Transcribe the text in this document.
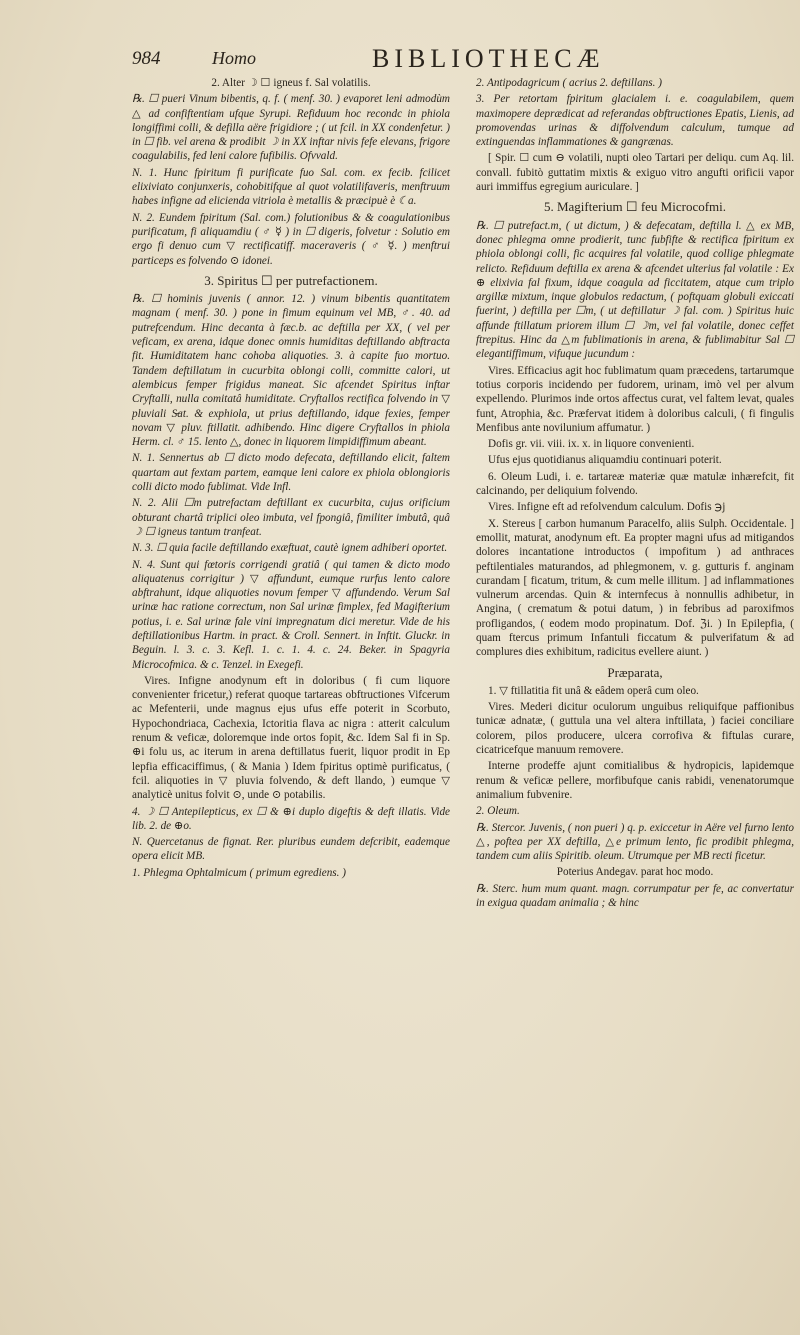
984	Homo	BIBLIOTHECÆ

2. Alter ☽ ☐ igneus f. Sal volatilis.

℞. ☐ pueri Vinum bibentis, q. f. ( menf. 30. ) evaporet leni admodùm △ ad confiftentiam ufque Syrupi. Refiduum hoc recondc in phiola longiffimi colli, & defilla aëre frigidiore ; ( ut fcil. in XX condenfetur. ) in ☐ fib. vel arena & prodibit ☽ in XX inftar nivis fefe elevans, frigore coagulabilis, fed leni calore fufibilis. Ofvvald.

N. 1. Hunc fpiritum fi purificate fuo Sal. com. ex fecib. fcilicet elixiviato conjunxeris, cohobitifque al quot volatilifaveris, menftruum habes infigne ad elicienda vitriola è metallis & præcipuè è ☾a.

N. 2. Eundem fpiritum (Sal. com.) folutionibus & & coagulationibus purificatum, fi aliquamdiu ( ♂ ☿ ) in ☐ digeris, folvetur : Solutio em ergo fi denuo cum ▽ rectificatiff. maceraveris ( ♂ ☿. ) menftrui particeps es folvendo ⊙ idonei.

3. Spiritus ☐ per putrefactionem.

℞. ☐ hominis juvenis ( annor. 12. ) vinum bibentis quantitatem magnam ( menf. 30. ) pone in fimum equinum vel MB, ♂. 40. ad putrefcendum. Hinc decanta à fæc.b. ac deftilla per XX, ( vel per veficam, ex arena, idque donec omnis humiditas deftillando abftracta fit. Humiditatem hanc cohoba aliquoties. 3. à capite fuo mortuo. Tandem deftillatum in cucurbita oblongi colli, committe calori, ut alembicus femper frigidus maneat. Sic afcendet Spiritus inftar Cryftalli, nulla comitatâ humiditate. Cryftallos rectifica folvendo in ▽ pluviali S̶at. & exphiola, ut prius deftillando, idque fexies, femper novam ▽ pluv. ftillatit. adhibendo. Hinc digere Cryftallos in phiola Herm. cl. ♂ 15. lento △, donec in liquorem limpidiffimum abeant.

N. 1. Sennertus ab ☐ dicto modo defecata, deftillando elicit, faltem quartam aut fextam partem, eamque leni calore ex phiola oblongioris colli dicto modo fublimat. Vide Infl.

N. 2. Alii ☐m putrefactam deftillant ex cucurbita, cujus orificium obturant chartâ triplici oleo imbuta, vel fpongiâ, fimiliter imbutâ, quâ ☽ ☐ igneus tantum tranfeat.

N. 3. ☐ quia facile deftillando exæftuat, cautè ignem adhiberi oportet.

N. 4. Sunt qui fœtoris corrigendi gratiâ ( qui tamen & dicto modo aliquatenus corrigitur ) ▽ affundunt, eumque rurfus lento calore abftrahunt, idque aliquoties novum femper ▽ affundendo. Verum Sal urinæ hac ratione correctum, non Sal urinæ fimplex, fed Magifterium potius, i. e. Sal urinæ fale vini impregnatum dici meretur. Vide de his deftillationibus Hartm. in pract. & Croll. Sennert. in Inftit. Gluckr. in Beguin. l. 3. c. 3. Kefl. 1. c. 1. 4. c. 24. Beker. in Spagyria Microcofmica. & c. Tenzel. in Exegefi.

Vires. Infigne anodynum eft in doloribus ( fi cum liquore convenienter fricetur,) referat quoque tartareas obftructiones Vifcerum ac Mefenterii, unde magnus ejus ufus effe poterit in Scorbuto, Hypochondriaca, Cachexia, Ictoritia flava ac nigra : atterit calculum renum & veficæ, doloremque inde ortos fopit, &c. Idem Sal fi in Sp. ⊕i folu us, ac iterum in arena deftillatus fuerit, liquor prodit in Ep lepfia efficaciffimus, ( & Mania ) Idem fpiritus optimè purificatus, ( fcil. aliquoties in ▽ pluvia folvendo, & deft llando, ) eumque ▽ analyticè unitus folvit ⊙, unde ⊙ potabilis.

4. ☽ ☐ Antepilepticus, ex ☐ & ⊕i duplo digeftis & deft illatis. Vide lib. 2. de ⊕o.

N. Quercetanus de fignat. Rer. pluribus eundem defcribit, eademque opera elicit MB.

1. Phlegma Ophtalmicum ( primum egrediens. )

2. Antipodagricum ( acrius 2. deftillans. )

3. Per retortam fpiritum glacialem i. e. coagulabilem, quem maximopere deprædicat ad referandas obftructiones Epatis, Lienis, ad promovendas urinas & diffolvendum calculum, tumque ad extinguendas inflammationes & gangrænas.

[ Spir. ☐ cum ⊖ volatili, nupti oleo Tartari per deliqu. cum Aq. lil. convall. fubitò guttatim mixtis & exiguo vitro angufti orificii vapor auri immiffus egregium auriculare. ]

5. Magifterium ☐ feu Microcofmi.

℞. ☐ putrefact.m, ( ut dictum, ) & defecatam, deftilla l. △ ex MB, donec phlegma omne prodierit, tunc fubfifte & rectifica fpiritum ex phiola oblongi colli, fic acquires fal volatile, quod collige phlegmate relicto. Refiduum deftilla ex arena & afcendet ulterius fal volatile : Ex ⊕ elixivia fal fixum, idque coagula ad ficcitatem, atque cum triplo argillæ mixtum, inque globulos redactum, ( poftquam globuli exiccati fuerint, ) deftilla per ☐m, ( ut deftillatur ☽ fal. com. ) Spiritus huic affunde ftillatum priorem illum ☐ ☽m, vel fal volatile, donec ceffet ftrepitus. Hinc da △m fublimationis in arena, & fublimabitur Sal ☐ elegantiffimum, vifuque jucundum :

Vires. Efficacius agit hoc fublimatum quam præcedens, tartarumque totius corporis incidendo per fudorem, urinam, imò vel per alvum expellendo. Plurimos inde ortos affectus curat, vel faltem levat, quales funt, Atrophia, &c. Præfervat itidem à doloribus calculi, ( fi fingulis Menfibus ante novilunium affumatur. )

Dofis gr. vii. viii. ix. x. in liquore convenienti.

Ufus ejus quotidianus aliquamdiu continuari poterit.

6. Oleum Ludi, i. e. tartareæ materiæ quæ matulæ inhærefcit, fit calcinando, per deliquium folvendo.

Vires. Infigne eft ad refolvendum calculum. Dofis ℈j

X. Stereus [ carbon humanum Paracelfo, aliis Sulph. Occidentale. ] emollit, maturat, anodynum eft. Ea propter magni ufus ad mitigandos dolores incantatione introductos ( impofitum ) ad anthraces peftilentiales maturandos, ad phlegmonem, v. g. gutturis f. anginam curandam [ ficatum, tritum, & cum melle illitum. ] ad inflammationes vulnerum arcendas. Quin & internfecus à nonnullis adhibetur, in Angina, ( crematum & potui datum, ) in febribus ad paroxifmos profligandos, ( eodem modo propinatum. Dof. ℨi. ) In Epilepfia, ( quam ftercus primum Infantuli ficcatum & pulverifatum & ad complures dies exhibitum, radicitus evellere aiunt. )

Præparata,

1. ▽ ftillatitia fit unâ & eâdem operâ cum oleo.

Vires. Mederi dicitur oculorum unguibus reliquifque paffionibus tunicæ adnatæ, ( guttula una vel altera inftillata, ) faciei conciliare colorem, pilos producere, ulcera corrofiva & fiftulas curare, cicatricefque manuum removere.

Interne prodeffe ajunt comitialibus & hydropicis, lapidemque renum & veficæ pellere, morfibufque canis rabidi, venenatorumque animalium fubvenire.

2. Oleum.

℞. Stercor. Juvenis, ( non pueri ) q. p. exiccetur in Aëre vel furno lento △, poftea per XX deftilla, △e primum lento, fic prodibit phlegma, tandem cum aliis Spiritib. oleum. Utrumque per MB recti ficetur.

Poterius Andegav. parat hoc modo.

℞. Sterc. hum mum quant. magn. corrumpatur per fe, ac convertatur in exigua quadam animalia ; & hinc
